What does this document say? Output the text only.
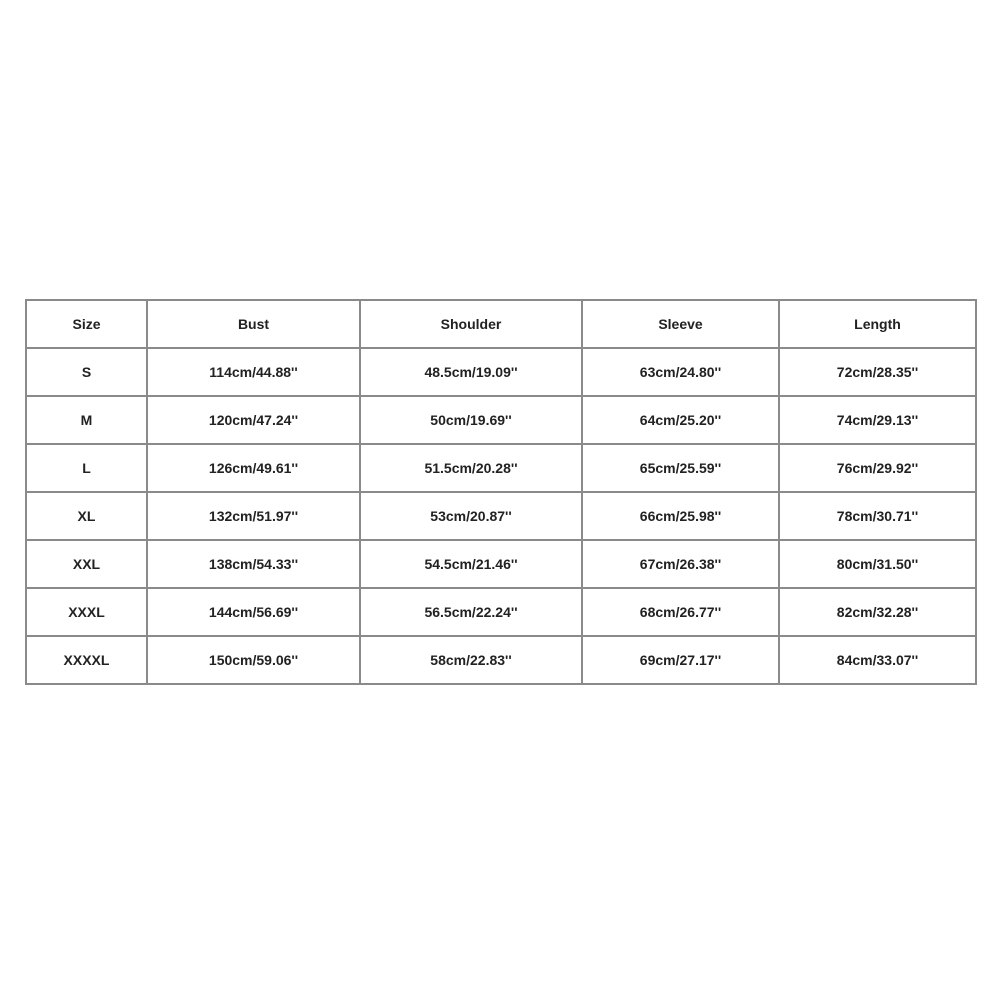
Size	Bust	Shoulder	Sleeve	Length
S	114cm/44.88''	48.5cm/19.09''	63cm/24.80''	72cm/28.35''
M	120cm/47.24''	50cm/19.69''	64cm/25.20''	74cm/29.13''
L	126cm/49.61''	51.5cm/20.28''	65cm/25.59''	76cm/29.92''
XL	132cm/51.97''	53cm/20.87''	66cm/25.98''	78cm/30.71''
XXL	138cm/54.33''	54.5cm/21.46''	67cm/26.38''	80cm/31.50''
XXXL	144cm/56.69''	56.5cm/22.24''	68cm/26.77''	82cm/32.28''
XXXXL	150cm/59.06''	58cm/22.83''	69cm/27.17''	84cm/33.07''
